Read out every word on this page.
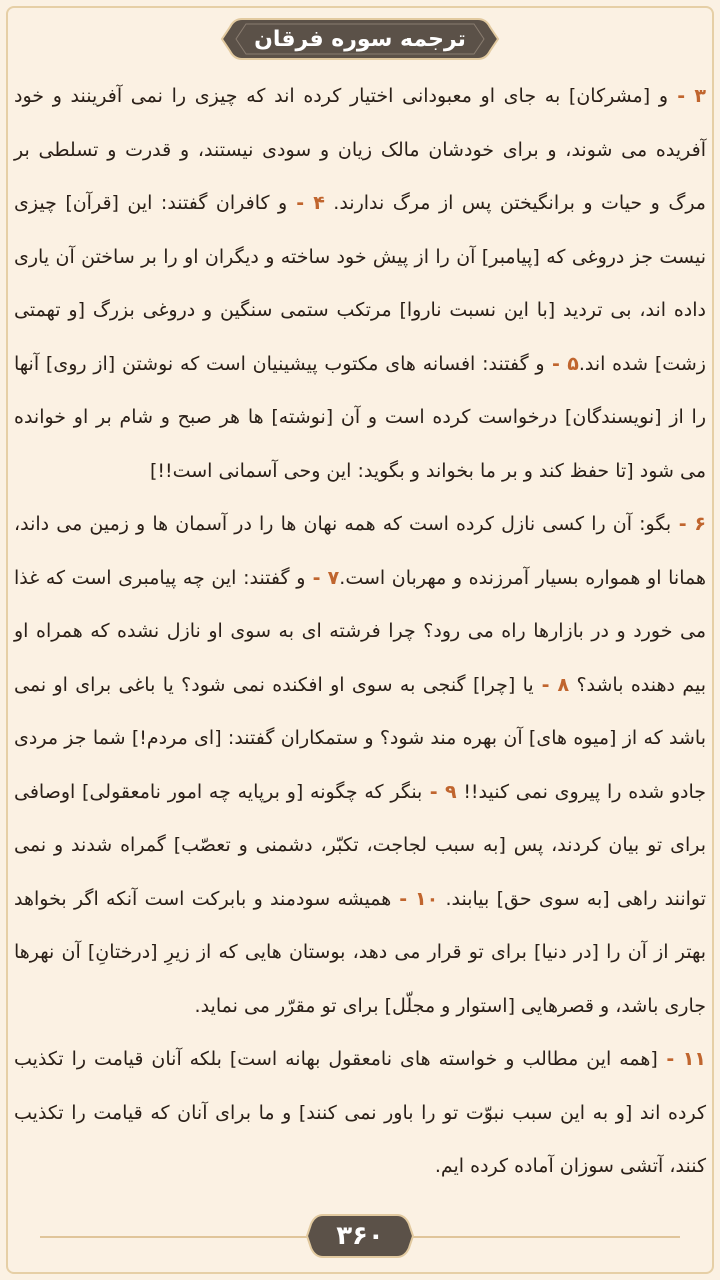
ترجمه سوره فرقان

۳ - و [مشرکان] به جای او معبودانی اختیار کرده اند که چیزی را نمی آفرینند و خود آفریده می شوند، و برای خودشان مالک زیان و سودی نیستند، و قدرت و تسلطی بر مرگ و حیات و برانگیختن پس از مرگ ندارند. ۴ - و کافران گفتند: این [قرآن] چیزی نیست جز دروغی که [پیامبر] آن را از پیش خود ساخته و دیگران او را بر ساختن آن یاری داده اند، بی تردید [با این نسبت ناروا] مرتکب ستمی سنگین و دروغی بزرگ [و تهمتی زشت] شده اند.۵ - و گفتند: افسانه های مکتوب پیشینیان است که نوشتن [از روی] آنها را از [نویسندگان] درخواست کرده است و آن [نوشته] ها هر صبح و شام بر او خوانده می شود [تا حفظ کند و بر ما بخواند و بگوید: این وحی آسمانی است!!]

۶ - بگو: آن را کسی نازل کرده است که همه نهان ها را در آسمان ها و زمین می داند، همانا او همواره بسیار آمرزنده و مهربان است.۷ - و گفتند: این چه پیامبری است که غذا می خورد و در بازارها راه می رود؟ چرا فرشته ای به سوی او نازل نشده که همراه او بیم دهنده باشد؟ ۸ - یا [چرا] گنجی به سوی او افکنده نمی شود؟ یا باغی برای او نمی باشد که از [میوه های] آن بهره مند شود؟ و ستمکاران گفتند: [ای مردم!] شما جز مردی جادو شده را پیروی نمی کنید!! ۹ - بنگر که چگونه [و برپایه چه امور نامعقولی] اوصافی برای تو بیان کردند، پس [به سبب لجاجت، تکبّر، دشمنی و تعصّب] گمراه شدند و نمی توانند راهی [به سوی حق] بیابند. ۱۰ - همیشه سودمند و بابرکت است آنکه اگر بخواهد بهتر از آن را [در دنیا] برای تو قرار می دهد، بوستان هایی که از زیرِ [درختانِ] آن نهرها جاری باشد، و قصرهایی [استوار و مجلّل] برای تو مقرّر می نماید.

۱۱ - [همه این مطالب و خواسته های نامعقول بهانه است] بلکه آنان قیامت را تکذیب کرده اند [و به این سبب نبوّت تو را باور نمی کنند] و ما برای آنان که قیامت را تکذیب کنند، آتشی سوزان آماده کرده ایم.

۳۶۰
